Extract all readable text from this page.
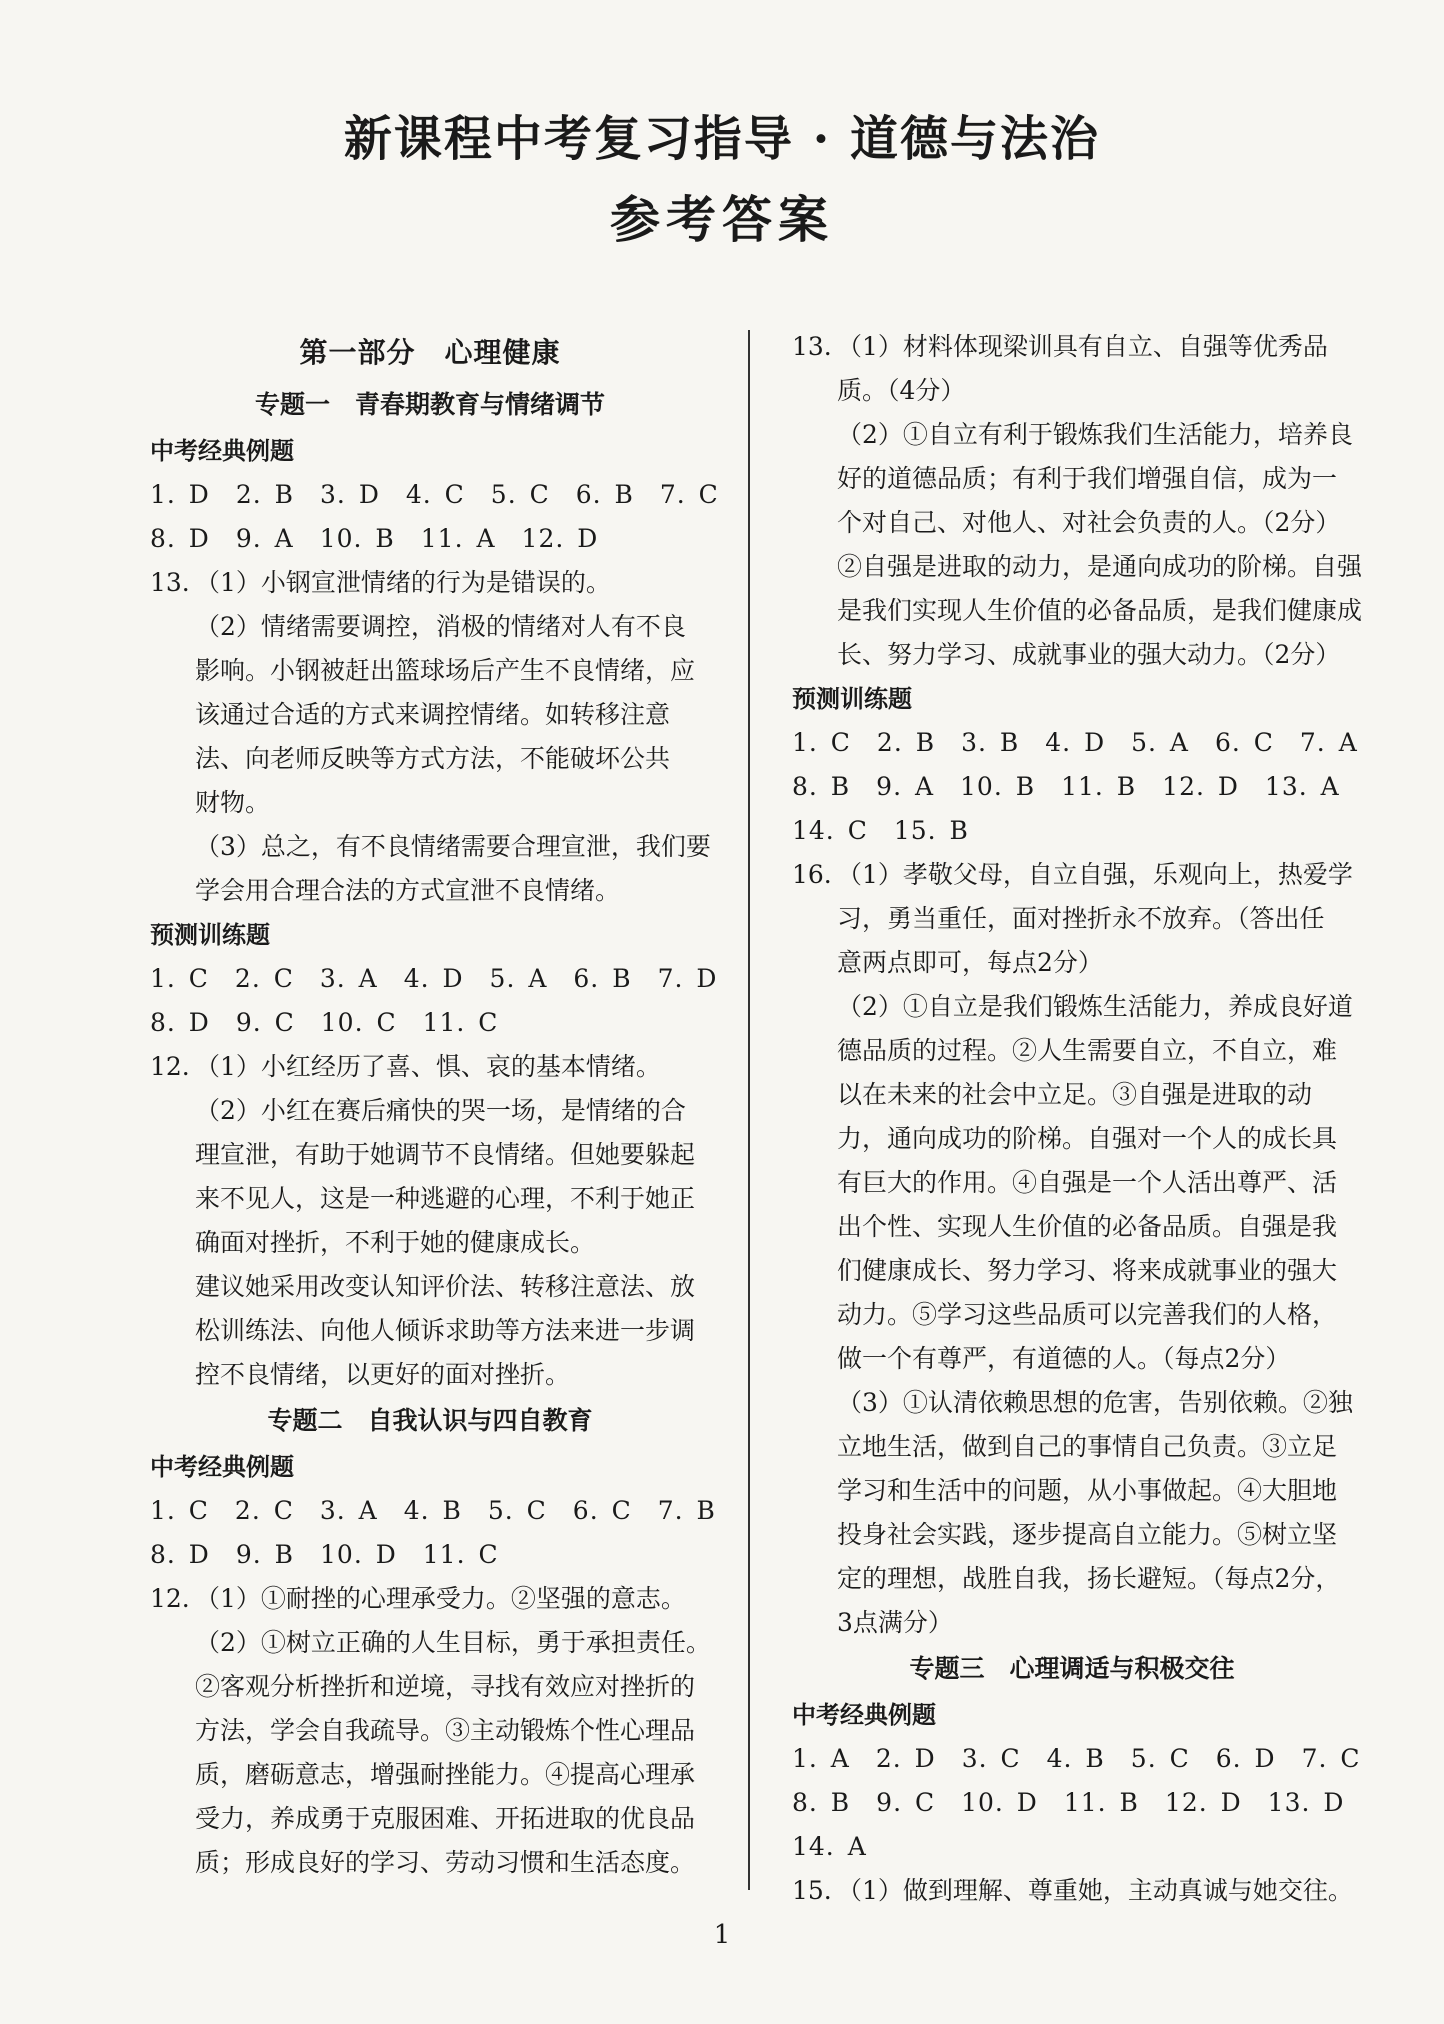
新课程中考复习指导 · 道德与法治
参考答案
第一部分　心理健康
专题一　青春期教育与情绪调节
中考经典例题
1. D　2. B　3. D　4. C　5. C　6. B　7. C
8. D　9. A　10. B　11. A　12. D
13. （1）小钢宣泄情绪的行为是错误的。
（2）情绪需要调控，消极的情绪对人有不良
影响。小钢被赶出篮球场后产生不良情绪，应
该通过合适的方式来调控情绪。如转移注意
法、向老师反映等方式方法，不能破坏公共
财物。
（3）总之，有不良情绪需要合理宣泄，我们要
学会用合理合法的方式宣泄不良情绪。
预测训练题
1. C　2. C　3. A　4. D　5. A　6. B　7. D
8. D　9. C　10. C　11. C
12. （1）小红经历了喜、惧、哀的基本情绪。
（2）小红在赛后痛快的哭一场，是情绪的合
理宣泄，有助于她调节不良情绪。但她要躲起
来不见人，这是一种逃避的心理，不利于她正
确面对挫折，不利于她的健康成长。
建议她采用改变认知评价法、转移注意法、放
松训练法、向他人倾诉求助等方法来进一步调
控不良情绪，以更好的面对挫折。
专题二　自我认识与四自教育
中考经典例题
1. C　2. C　3. A　4. B　5. C　6. C　7. B
8. D　9. B　10. D　11. C
12. （1）①耐挫的心理承受力。②坚强的意志。
（2）①树立正确的人生目标，勇于承担责任。
②客观分析挫折和逆境，寻找有效应对挫折的
方法，学会自我疏导。③主动锻炼个性心理品
质，磨砺意志，增强耐挫能力。④提高心理承
受力，养成勇于克服困难、开拓进取的优良品
质；形成良好的学习、劳动习惯和生活态度。
13. （1）材料体现梁训具有自立、自强等优秀品
质。（4分）
（2）①自立有利于锻炼我们生活能力，培养良
好的道德品质；有利于我们增强自信，成为一
个对自己、对他人、对社会负责的人。（2分）
②自强是进取的动力，是通向成功的阶梯。自强
是我们实现人生价值的必备品质，是我们健康成
长、努力学习、成就事业的强大动力。（2分）
预测训练题
1. C　2. B　3. B　4. D　5. A　6. C　7. A
8. B　9. A　10. B　11. B　12. D　13. A
14. C　15. B
16. （1）孝敬父母，自立自强，乐观向上，热爱学
习，勇当重任，面对挫折永不放弃。（答出任
意两点即可，每点2分）
（2）①自立是我们锻炼生活能力，养成良好道
德品质的过程。②人生需要自立，不自立，难
以在未来的社会中立足。③自强是进取的动
力，通向成功的阶梯。自强对一个人的成长具
有巨大的作用。④自强是一个人活出尊严、活
出个性、实现人生价值的必备品质。自强是我
们健康成长、努力学习、将来成就事业的强大
动力。⑤学习这些品质可以完善我们的人格，
做一个有尊严，有道德的人。（每点2分）
（3）①认清依赖思想的危害，告别依赖。②独
立地生活，做到自己的事情自己负责。③立足
学习和生活中的问题，从小事做起。④大胆地
投身社会实践，逐步提高自立能力。⑤树立坚
定的理想，战胜自我，扬长避短。（每点2分，
3点满分）
专题三　心理调适与积极交往
中考经典例题
1. A　2. D　3. C　4. B　5. C　6. D　7. C
8. B　9. C　10. D　11. B　12. D　13. D
14. A
15. （1）做到理解、尊重她，主动真诚与她交往。
1
